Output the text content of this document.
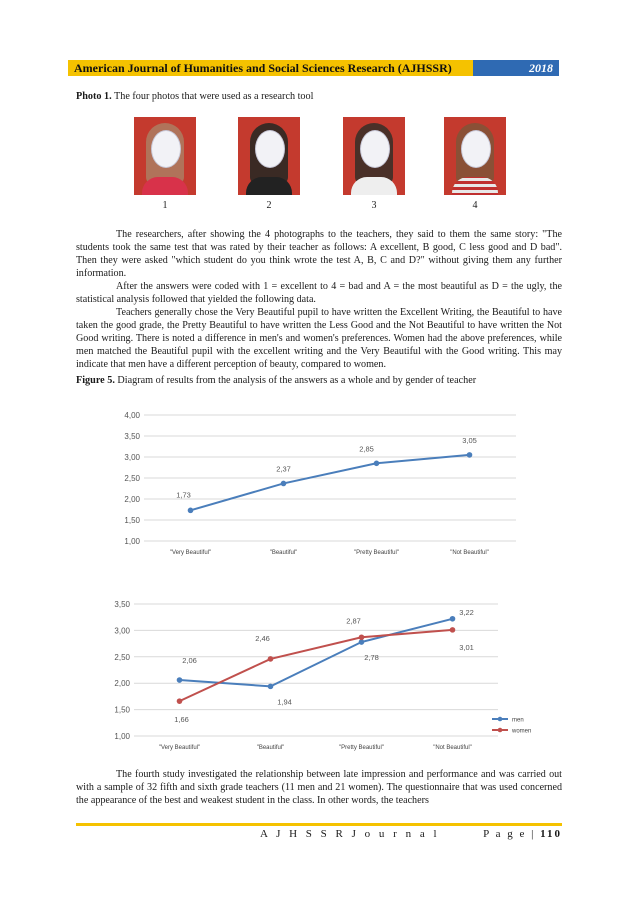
American Journal of Humanities and Social Sciences Research (AJHSSR)	2018
Photo 1. The four photos that were used as a research tool
1	2	3	4

The researchers, after showing the 4 photographs to the teachers, they said to them the same story: "The students took the same test that was rated by their teacher as follows: A excellent, B good, C less good and D bad". Then they were asked "which student do you think wrote the test A, B, C and D?" without giving them any further information.

After the answers were coded with 1 = excellent to 4 = bad and A = the most beautiful as D = the ugly, the statistical analysis followed that yielded the following data.

Teachers generally chose the Very Beautiful pupil to have written the Excellent Writing, the Beautiful to have taken the good grade, the Pretty Beautiful to have written the Less Good and the Not Beautiful to have written the Not Good writing. There is noted a difference in men's and women's preferences. Women had the above preferences, while men matched the Beautiful pupil with the excellent writing and the Very Beautiful with the Good writing. This may indicate that men have a different perception of beauty, compared to women.

Figure 5. Diagram of results from the analysis of the answers as a whole and by gender of teacher
1,00
1,50
2,00
2,50
3,00
3,50
4,00
"Very Beautiful"	"Beautiful"	"Pretty Beautiful"	"Not Beautiful"
1,73
2,37
2,85
3,05
1,00
1,50
2,00
2,50
3,00
3,50
"Very Beautiful"	"Beautiful"	"Pretty Beautiful"	"Not Beautiful"
2,06
1,94
2,78
3,22
1,66
2,46
2,87
3,01
men
women

The fourth study investigated the relationship between late impression and performance and was carried out with a sample of 32 fifth and sixth grade teachers (11 men and 21 women). The questionnaire that was used concerned the appearance of the best and weakest student in the class. In other words, the teachers

A J H S S R J o u r n a l	P a g e | 110
